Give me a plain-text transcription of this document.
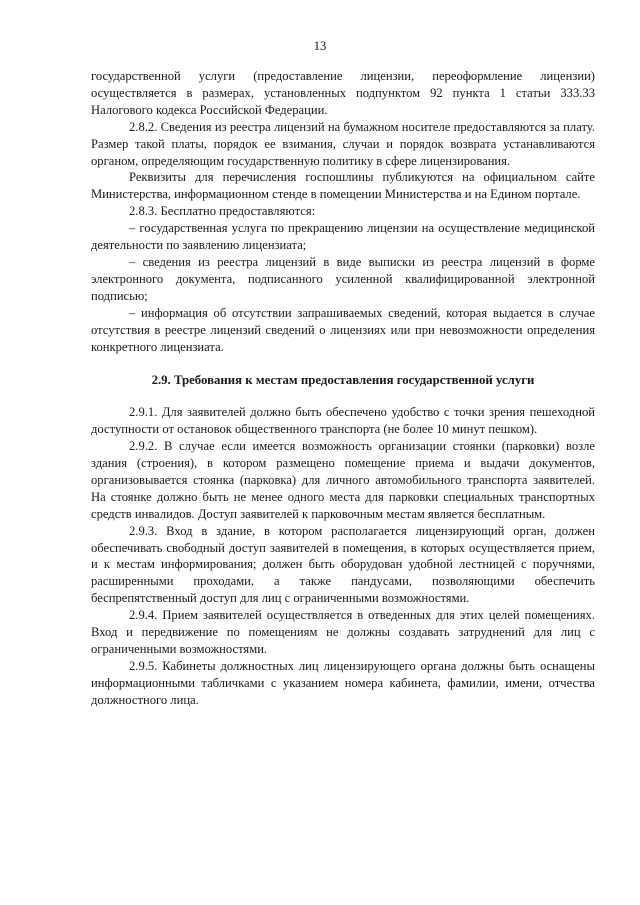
13

государственной услуги (предоставление лицензии, переоформление лицензии) осуществляется в размерах, установленных подпунктом 92 пункта 1 статьи 333.33 Налогового кодекса Российской Федерации.

2.8.2. Сведения из реестра лицензий на бумажном носителе предоставляются за плату. Размер такой платы, порядок ее взимания, случаи и порядок возврата устанавливаются органом, определяющим государственную политику в сфере лицензирования.

Реквизиты для перечисления госпошлины публикуются на официальном сайте Министерства, информационном стенде в помещении Министерства и на Едином портале.

2.8.3. Бесплатно предоставляются:

– государственная услуга по прекращению лицензии на осуществление медицинской деятельности по заявлению лицензиата;

– сведения из реестра лицензий в виде выписки из реестра лицензий в форме электронного документа, подписанного усиленной квалифицированной электронной подписью;

– информация об отсутствии запрашиваемых сведений, которая выдается в случае отсутствия в реестре лицензий сведений о лицензиях или при невозможности определения конкретного лицензиата.

2.9. Требования к местам предоставления государственной услуги

2.9.1. Для заявителей должно быть обеспечено удобство с точки зрения пешеходной доступности от остановок общественного транспорта (не более 10 минут пешком).

2.9.2. В случае если имеется возможность организации стоянки (парковки) возле здания (строения), в котором размещено помещение приема и выдачи документов, организовывается стоянка (парковка) для личного автомобильного транспорта заявителей. На стоянке должно быть не менее одного места для парковки специальных транспортных средств инвалидов. Доступ заявителей к парковочным местам является бесплатным.

2.9.3. Вход в здание, в котором располагается лицензирующий орган, должен обеспечивать свободный доступ заявителей в помещения, в которых осуществляется прием, и к местам информирования; должен быть оборудован удобной лестницей с поручнями, расширенными проходами, а также пандусами, позволяющими обеспечить беспрепятственный доступ для лиц с ограниченными возможностями.

2.9.4. Прием заявителей осуществляется в отведенных для этих целей помещениях. Вход и передвижение по помещениям не должны создавать затруднений для лиц с ограниченными возможностями.

2.9.5. Кабинеты должностных лиц лицензирующего органа должны быть оснащены информационными табличками с указанием номера кабинета, фамилии, имени, отчества должностного лица.
